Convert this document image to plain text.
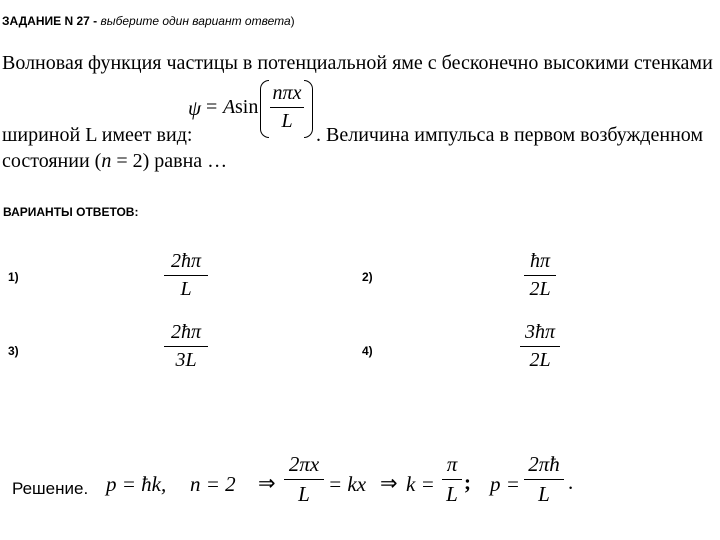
ЗАДАНИЕ N 27 - выберите один вариант ответа)
Волновая функция частицы в потенциальной яме с бесконечно высокими стенками
ψ = A sin
nπx
L
шириной L имеет вид:	. Величина импульса в первом возбужденном
состоянии (n = 2) равна …
ВАРИАНТЫ ОТВЕТОВ:
1)
2ħπ
L
2)
ħπ
2L
3)
2ħπ
3L	4)
3ħπ
2L
Решение. p = ħk, n = 2 ⇒
2πx
L = kx ⇒ k =
π
L ; p =
2πħ
L .
